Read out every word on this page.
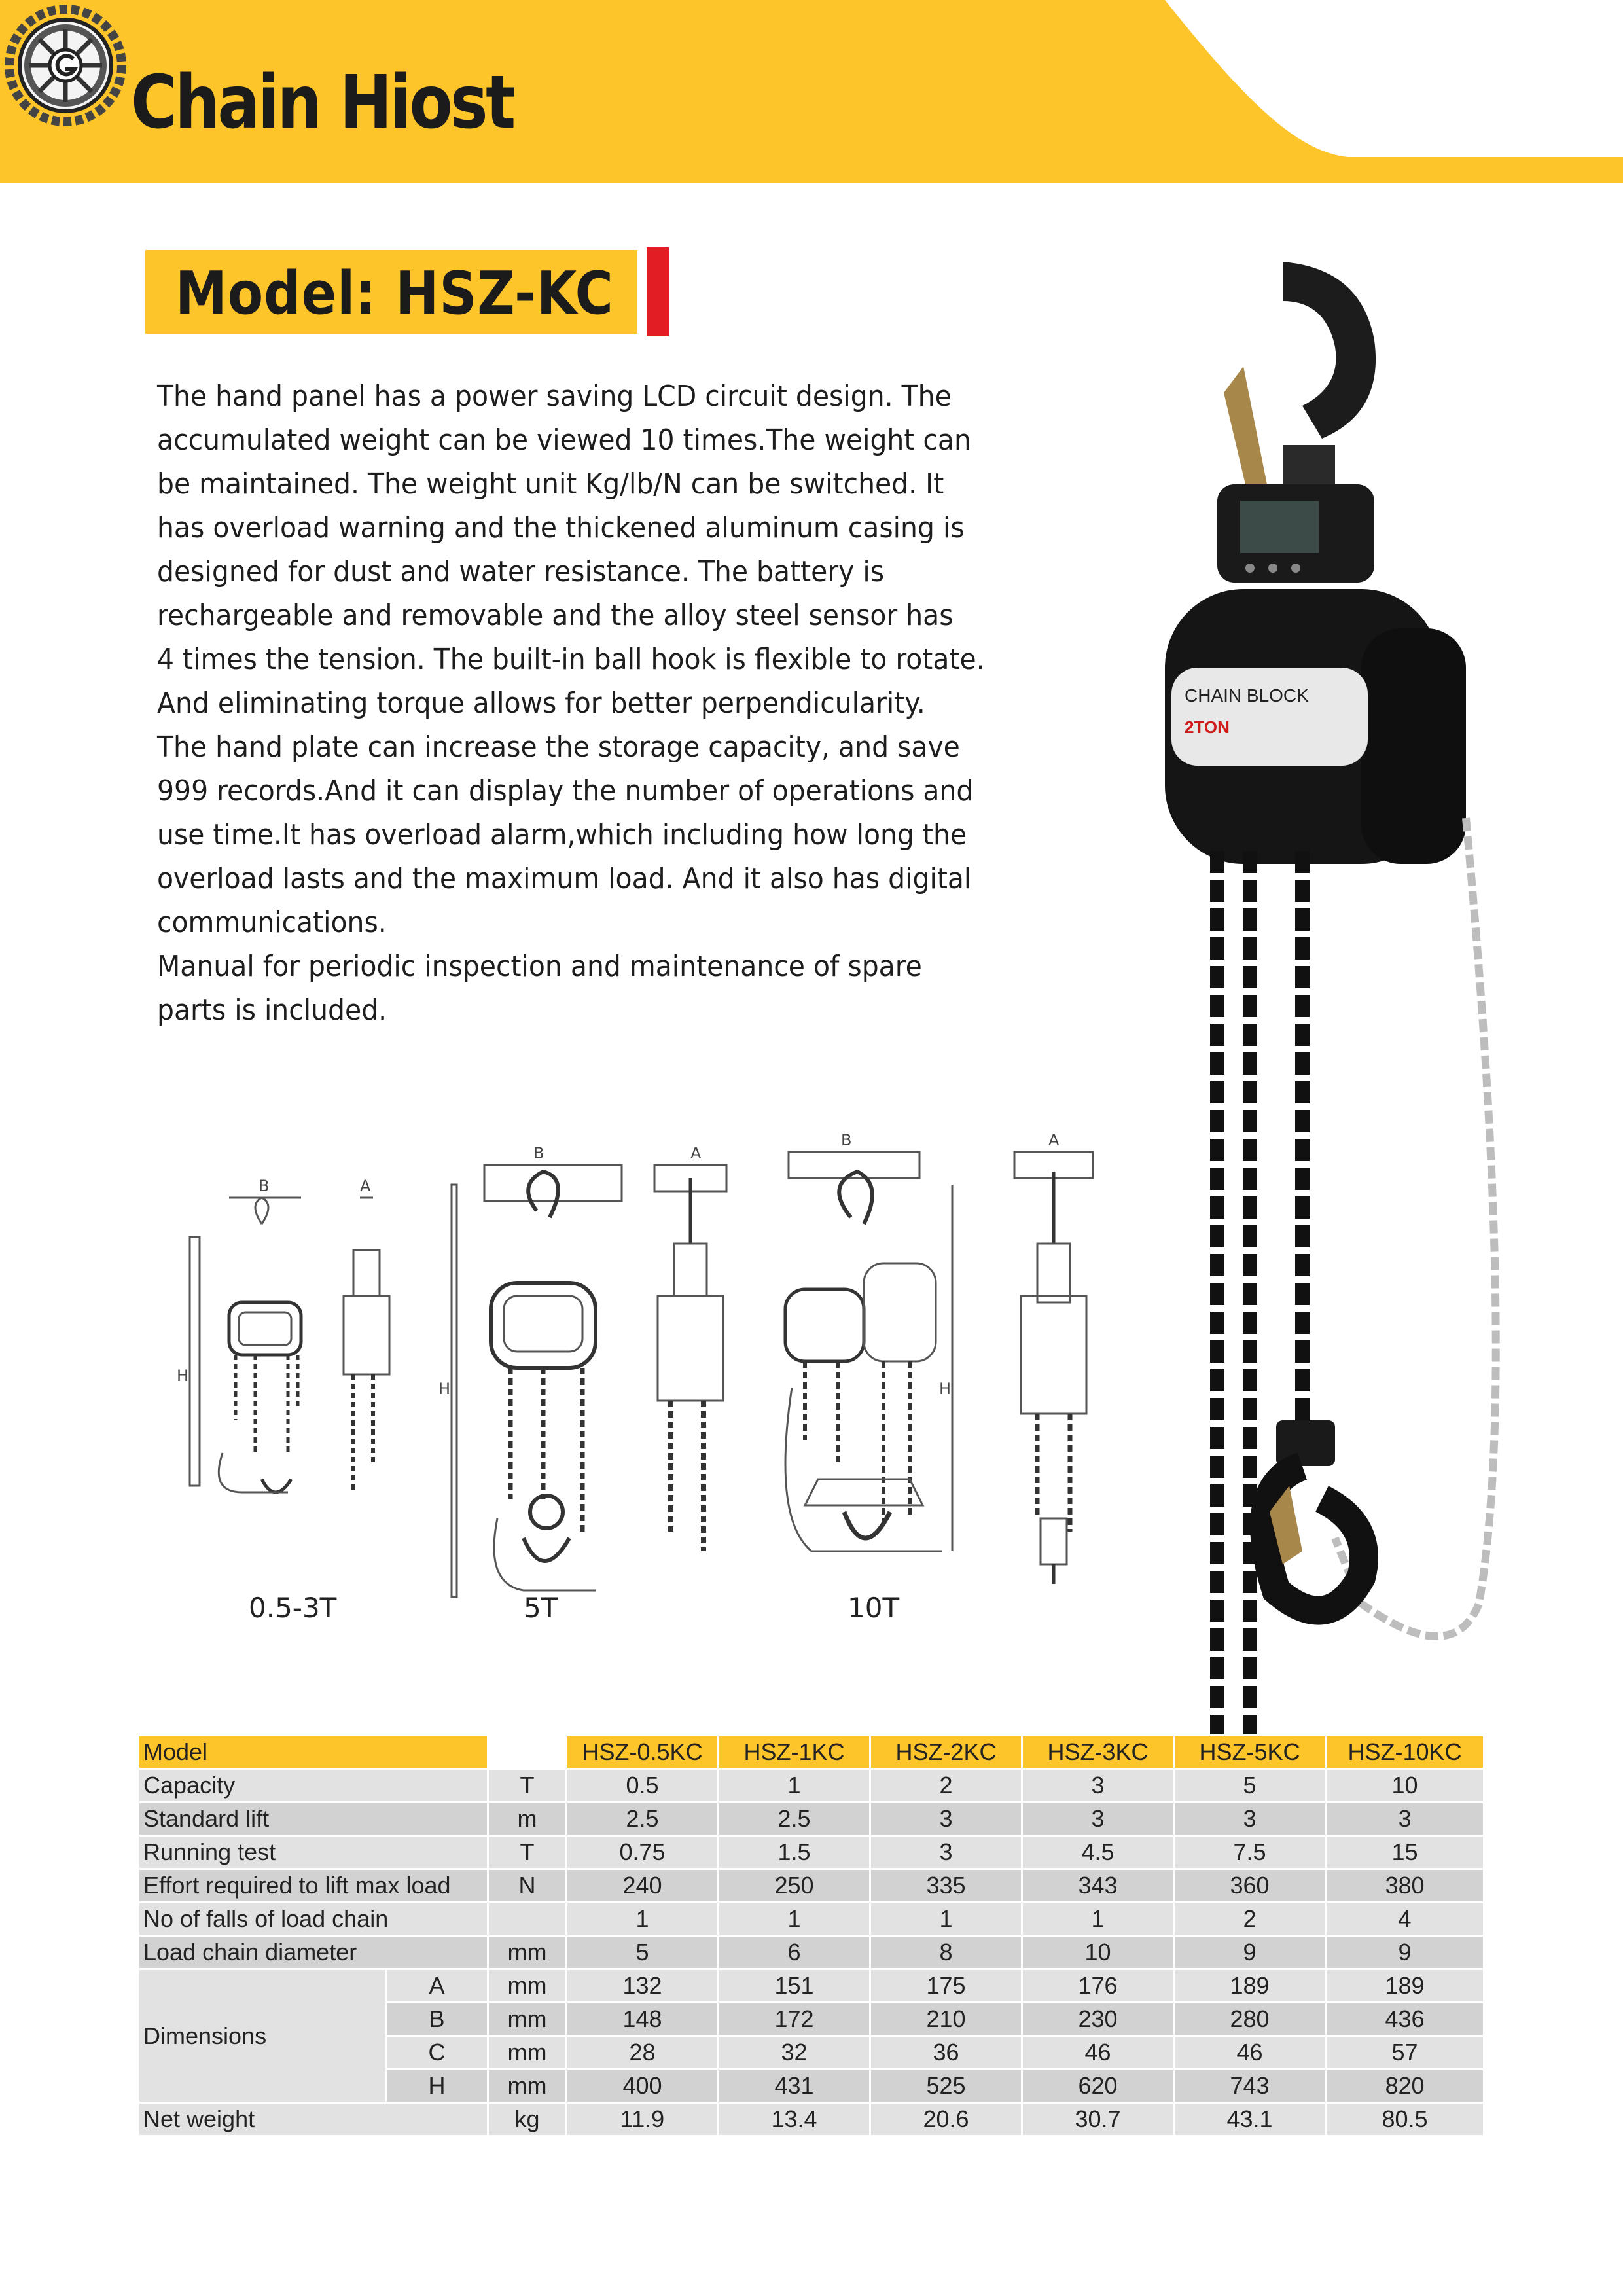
Chain Hiost
Model: HSZ-KC
The hand panel has a power saving LCD circuit design. The
accumulated weight can be viewed 10 times.The weight can
be maintained. The weight unit Kg/lb/N can be switched. It
has overload warning and the thickened aluminum casing is
designed for dust and water resistance. The battery is
rechargeable and removable and the alloy steel sensor has
4 times the tension. The built-in ball hook is flexible to rotate.
And eliminating torque allows for better perpendicularity.
The hand plate can increase the storage capacity, and save
999 records.And it can display the number of operations and
use time.It has overload alarm,which including how long the
overload lasts and the maximum load. And it also has digital
communications.
Manual for periodic inspection and maintenance of spare
parts is included.
B	A
H
B	A
H
B	A
H
0.5-3T	5T	10T
CHAIN BLOCK
2TON
Model			HSZ-0.5KC	HSZ-1KC	HSZ-2KC	HSZ-3KC	HSZ-5KC	HSZ-10KC
Capacity		T	0.5	1	2	3	5	10
Standard lift		m	2.5	2.5	3	3	3	3
Running test		T	0.75	1.5	3	4.5	7.5	15
Effort required to lift max load		N	240	250	335	343	360	380
No of falls of load chain			1	1	1	1	2	4
Load chain diameter		mm	5	6	8	10	9	9
Dimensions	A	mm	132	151	175	176	189	189
	B	mm	148	172	210	230	280	436
	C	mm	28	32	36	46	46	57
	H	mm	400	431	525	620	743	820
Net weight		kg	11.9	13.4	20.6	30.7	43.1	80.5
